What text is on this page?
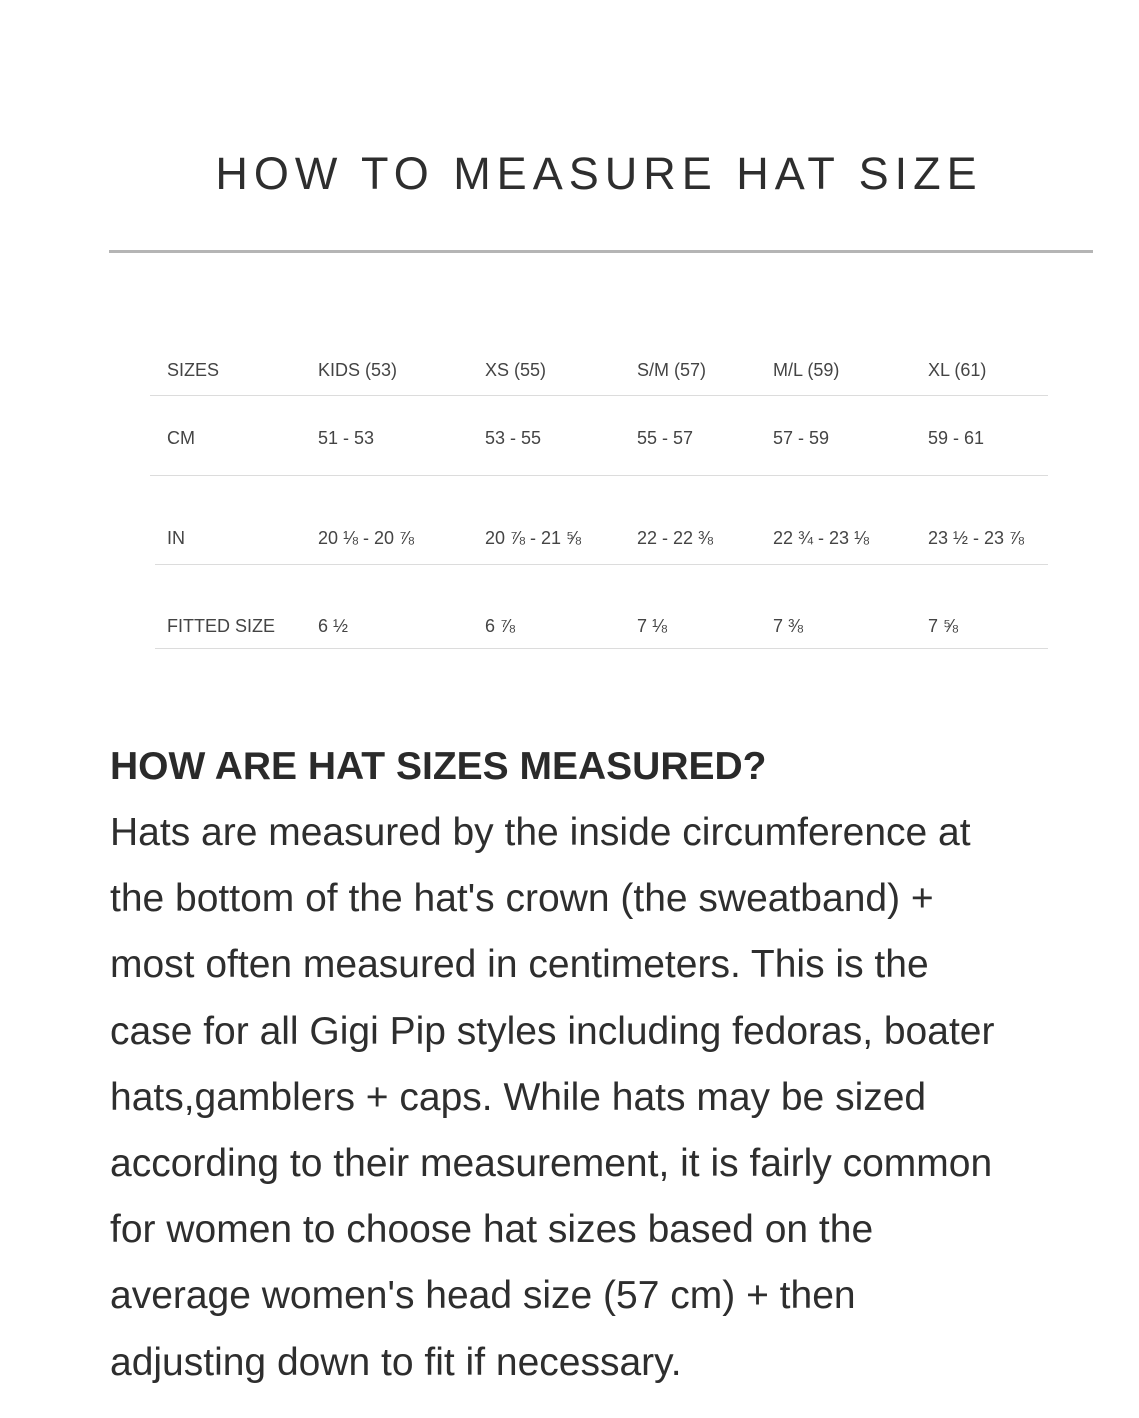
HOW TO MEASURE HAT SIZE
SIZES	KIDS (53)	XS (55)	S/M (57)	M/L (59)	XL (61)
CM	51 - 53	53 - 55	55 - 57	57 - 59	59 - 61
IN	20 ⅛ - 20 ⅞	20 ⅞ - 21 ⅝	22 - 22 ⅜	22 ¾ - 23 ⅛	23 ½ - 23 ⅞
FITTED SIZE 6 ½	6 ⅞	7 ⅛	7 ⅜	7 ⅝
HOW ARE HAT SIZES MEASURED?

Hats are measured by the inside circumference at
the bottom of the hat's crown (the sweatband) +
most often measured in centimeters. This is the
case for all Gigi Pip styles including fedoras, boater
hats,gamblers + caps. While hats may be sized
according to their measurement, it is fairly common
for women to choose hat sizes based on the
average women's head size (57 cm) + then
adjusting down to fit if necessary.
